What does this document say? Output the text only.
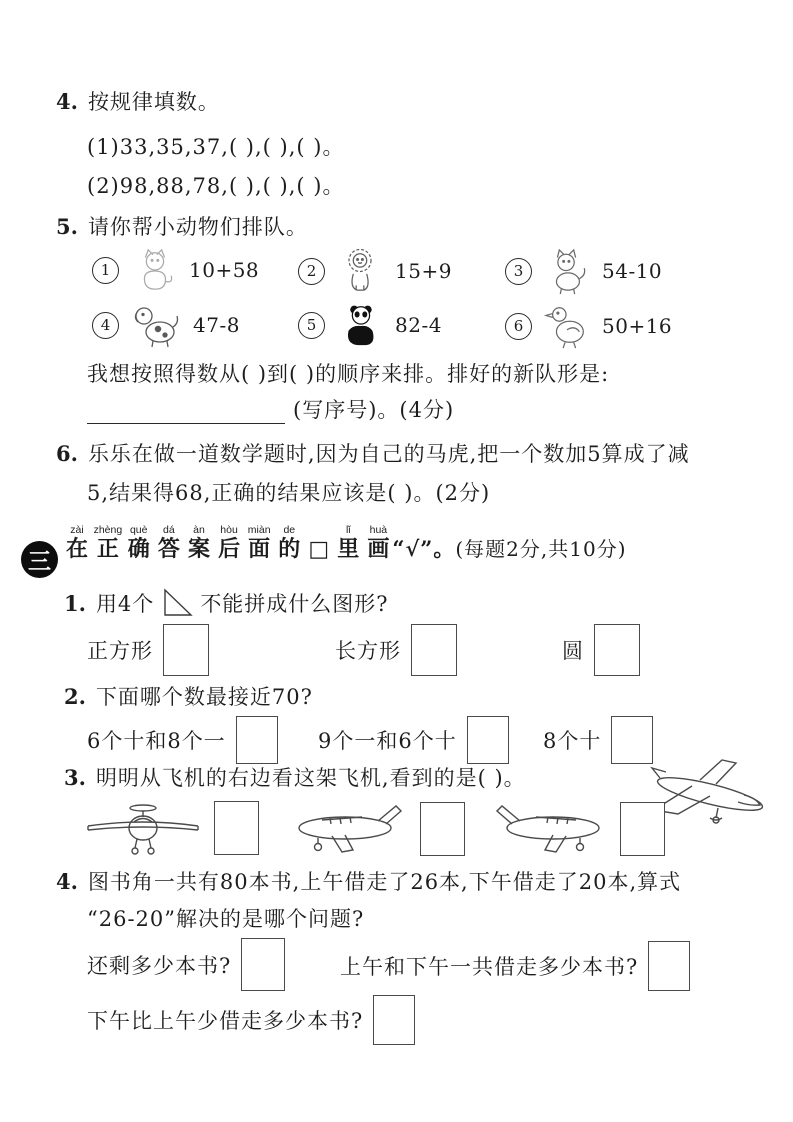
4. 按规律填数。
(1)33,35,37,( ),( ),( )。
(2)98,88,78,( ),( ),( )。
5. 请你帮小动物们排队。
1	10+58	2	15+9	3	54-10
4	47-8	5	82-4	6	50+16
我想按照得数从( )到( )的顺序来排。排好的新队形是:
(写序号)。(4分)
6. 乐乐在做一道数学题时,因为自己的马虎,把一个数加5算成了减
5,结果得68,正确的结果应该是( )。(2分)
三 在zài 正zhèng 确què 答dá 案àn 后hòu 面miàn 的de □ 里lǐ 画huà“√”。(每题2分,共10分)
1. 用4个 不能拼成什么图形?
正方形	长方形	圆
2. 下面哪个数最接近70?
6个十和8个一	9个一和6个十	8个十
3. 明明从飞机的右边看这架飞机,看到的是( )。
4. 图书角一共有80本书,上午借走了26本,下午借走了20本,算式
“26-20”解决的是哪个问题?
还剩多少本书?	上午和下午一共借走多少本书?
下午比上午少借走多少本书?
